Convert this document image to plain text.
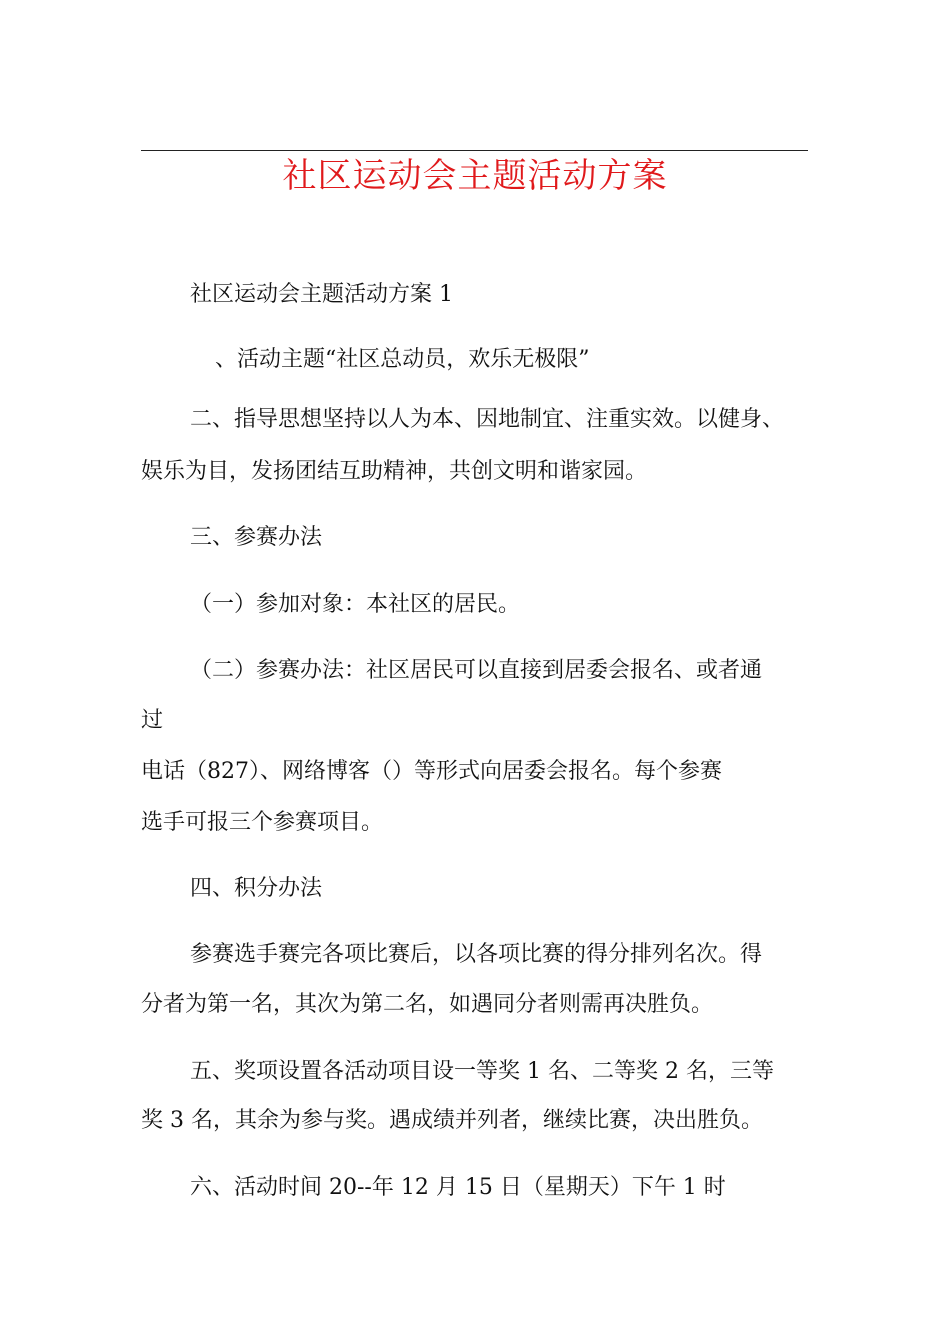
社区运动会主题活动方案
社区运动会主题活动方案 1
、活动主题“社区总动员，欢乐无极限”
二、指导思想坚持以人为本、因地制宜、注重实效。以健身、
娱乐为目，发扬团结互助精神，共创文明和谐家园。
三、参赛办法
（一）参加对象：本社区的居民。
（二）参赛办法：社区居民可以直接到居委会报名、或者通
过
电话（827）、网络博客（）等形式向居委会报名。每个参赛
选手可报三个参赛项目。
四、积分办法
参赛选手赛完各项比赛后，以各项比赛的得分排列名次。得
分者为第一名，其次为第二名，如遇同分者则需再决胜负。
五、奖项设置各活动项目设一等奖 1 名、二等奖 2 名，三等
奖 3 名，其余为参与奖。遇成绩并列者，继续比赛，决出胜负。
六、活动时间 20--年 12 月 15 日（星期天）下午 1 时
